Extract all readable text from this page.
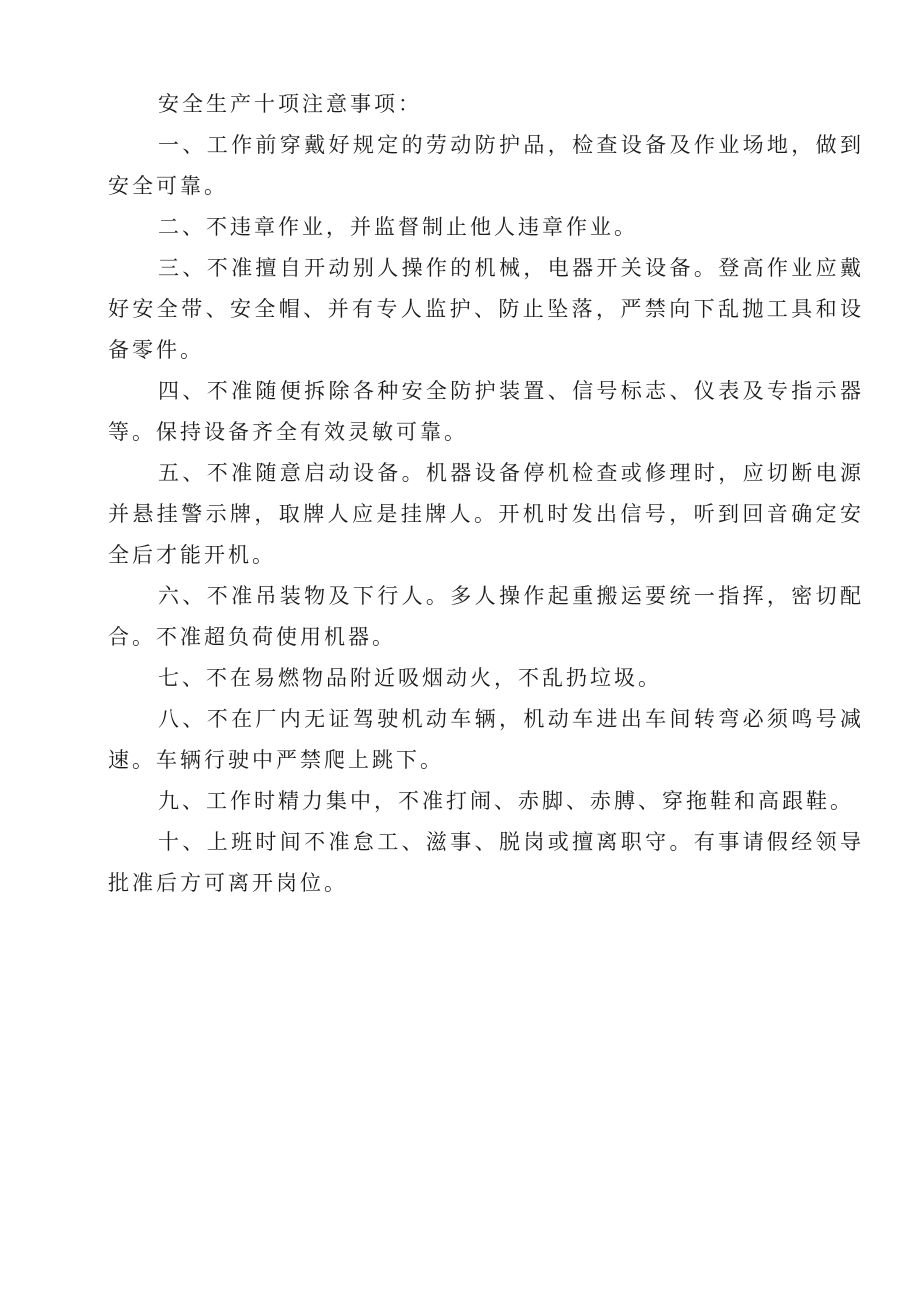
安全生产十项注意事项：

一、工作前穿戴好规定的劳动防护品，检查设备及作业场地，做到安全可靠。

二、不违章作业，并监督制止他人违章作业。

三、不准擅自开动别人操作的机械，电器开关设备。登高作业应戴好安全带、安全帽、并有专人监护、防止坠落，严禁向下乱抛工具和设备零件。

四、不准随便拆除各种安全防护装置、信号标志、仪表及专指示器等。保持设备齐全有效灵敏可靠。

五、不准随意启动设备。机器设备停机检查或修理时，应切断电源并悬挂警示牌，取牌人应是挂牌人。开机时发出信号，听到回音确定安全后才能开机。

六、不准吊装物及下行人。多人操作起重搬运要统一指挥，密切配合。不准超负荷使用机器。

七、不在易燃物品附近吸烟动火，不乱扔垃圾。

八、不在厂内无证驾驶机动车辆，机动车进出车间转弯必须鸣号减速。车辆行驶中严禁爬上跳下。

九、工作时精力集中，不准打闹、赤脚、赤膊、穿拖鞋和高跟鞋。

十、上班时间不准怠工、滋事、脱岗或擅离职守。有事请假经领导批准后方可离开岗位。
